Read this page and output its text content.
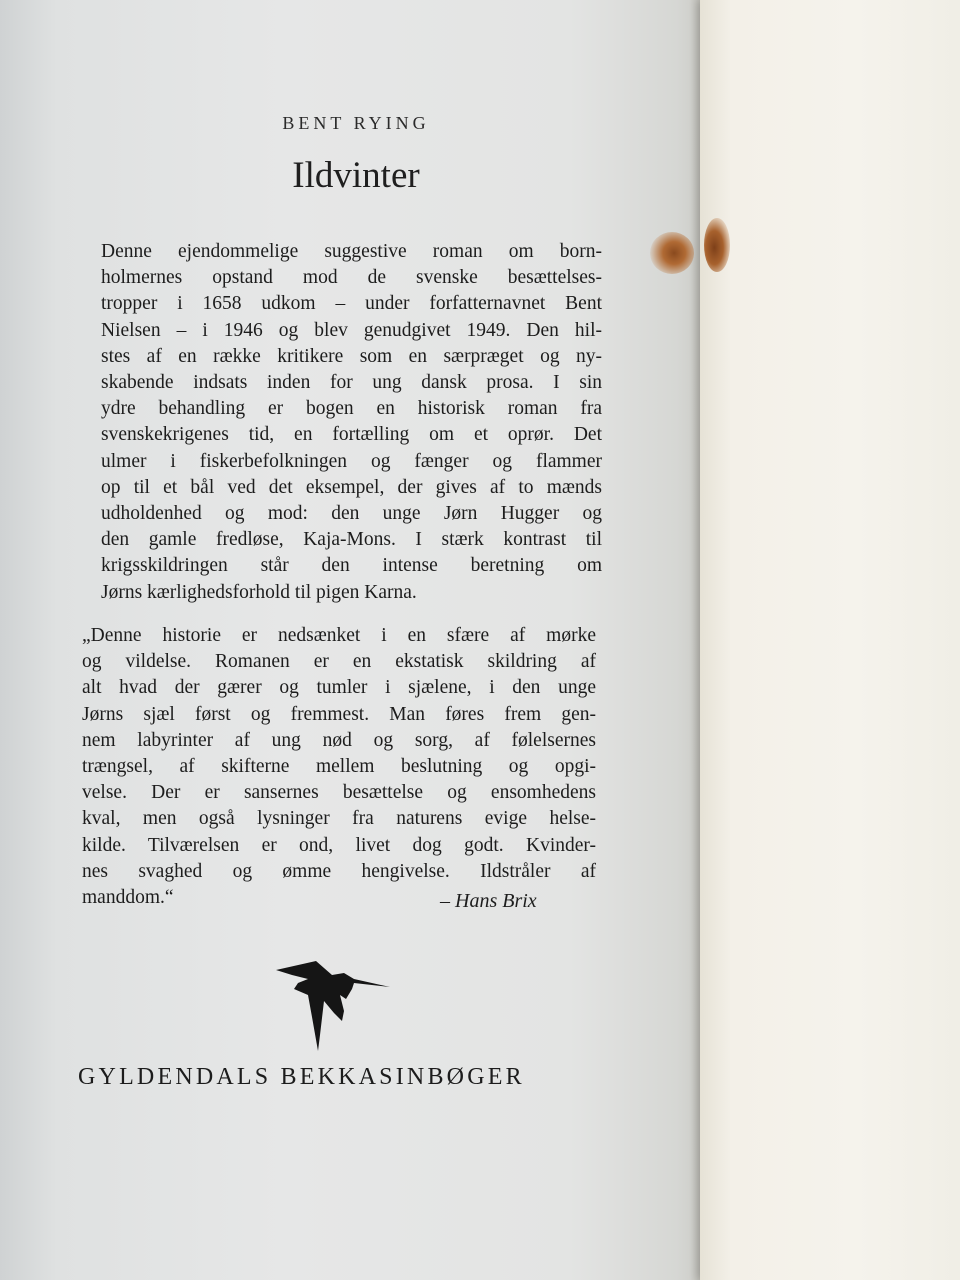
BENT RYING
Ildvinter
Denne ejendommelige suggestive roman om born-
holmernes opstand mod de svenske besættelses-
tropper i 1658 udkom – under forfatternavnet Bent
Nielsen – i 1946 og blev genudgivet 1949. Den hil-
stes af en række kritikere som en særpræget og ny-
skabende indsats inden for ung dansk prosa. I sin
ydre behandling er bogen en historisk roman fra
svenskekrigenes tid, en fortælling om et oprør. Det
ulmer i fiskerbefolkningen og fænger og flammer
op til et bål ved det eksempel, der gives af to mænds
udholdenhed og mod: den unge Jørn Hugger og
den gamle fredløse, Kaja-Mons. I stærk kontrast til
krigsskildringen står den intense beretning om
Jørns kærlighedsforhold til pigen Karna.
„Denne historie er nedsænket i en sfære af mørke
og vildelse. Romanen er en ekstatisk skildring af
alt hvad der gærer og tumler i sjælene, i den unge
Jørns sjæl først og fremmest. Man føres frem gen-
nem labyrinter af ung nød og sorg, af følelsernes
trængsel, af skifterne mellem beslutning og opgi-
velse. Der er sansernes besættelse og ensomhedens
kval, men også lysninger fra naturens evige helse-
kilde. Tilværelsen er ond, livet dog godt. Kvinder-
nes svaghed og ømme hengivelse. Ildstråler af
manddom.“	– Hans Brix
GYLDENDALS BEKKASINBØGER
